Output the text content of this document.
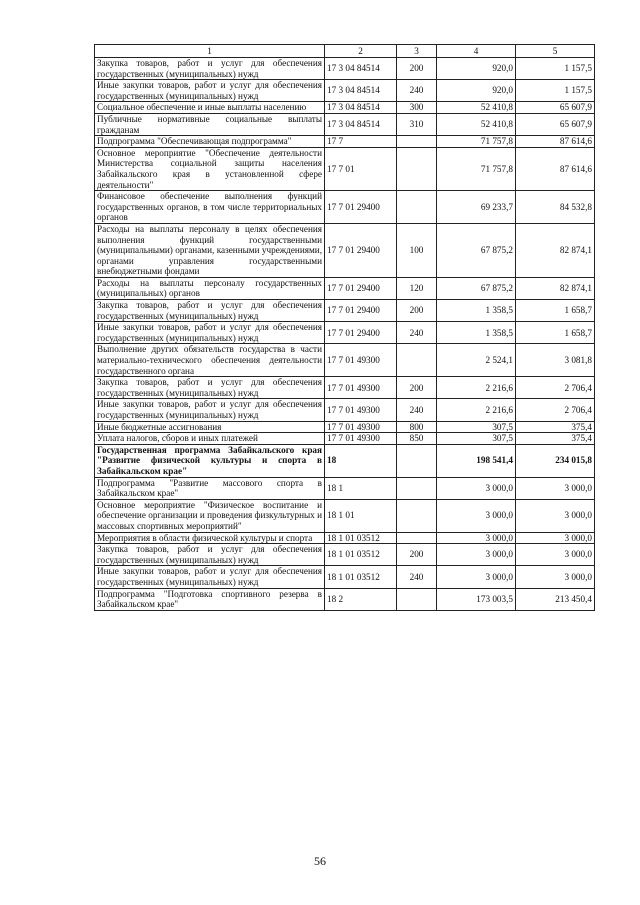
1	2	3	4	5
Закупка товаров, работ и услуг для обеспечения государственных (муниципальных) нужд	17 3 04 84514	200	920,0	1 157,5
Иные закупки товаров, работ и услуг для обеспечения государственных (муниципальных) нужд	17 3 04 84514	240	920,0	1 157,5
Социальное обеспечение и иные выплаты населению	17 3 04 84514	300	52 410,8	65 607,9
Публичные нормативные социальные выплаты гражданам	17 3 04 84514	310	52 410,8	65 607,9
Подпрограмма "Обеспечивающая подпрограмма"	17 7		71 757,8	87 614,6
Основное мероприятие "Обеспечение деятельности Министерства социальной защиты населения Забайкальского края в установленной сфере деятельности"	17 7 01		71 757,8	87 614,6
Финансовое обеспечение выполнения функций государственных органов, в том числе территориальных органов	17 7 01 29400		69 233,7	84 532,8
Расходы на выплаты персоналу в целях обеспечения выполнения функций государственными (муниципальными) органами, казенными учреждениями, органами управления государственными внебюджетными фондами	17 7 01 29400	100	67 875,2	82 874,1
Расходы на выплаты персоналу государственных (муниципальных) органов	17 7 01 29400	120	67 875,2	82 874,1
Закупка товаров, работ и услуг для обеспечения государственных (муниципальных) нужд	17 7 01 29400	200	1 358,5	1 658,7
Иные закупки товаров, работ и услуг для обеспечения государственных (муниципальных) нужд	17 7 01 29400	240	1 358,5	1 658,7
Выполнение других обязательств государства в части материально-технического обеспечения деятельности государственного органа	17 7 01 49300		2 524,1	3 081,8
Закупка товаров, работ и услуг для обеспечения государственных (муниципальных) нужд	17 7 01 49300	200	2 216,6	2 706,4
Иные закупки товаров, работ и услуг для обеспечения государственных (муниципальных) нужд	17 7 01 49300	240	2 216,6	2 706,4
Иные бюджетные ассигнования	17 7 01 49300	800	307,5	375,4
Уплата налогов, сборов и иных платежей	17 7 01 49300	850	307,5	375,4
Государственная программа Забайкальского края "Развитие физической культуры и спорта в Забайкальском крае"	18		198 541,4	234 015,8
Подпрограмма "Развитие массового спорта в Забайкальском крае"	18 1		3 000,0	3 000,0
Основное мероприятие "Физическое воспитание и обеспечение организации и проведения физкультурных и массовых спортивных мероприятий"	18 1 01		3 000,0	3 000,0
Мероприятия в области физической культуры и спорта	18 1 01 03512		3 000,0	3 000,0
Закупка товаров, работ и услуг для обеспечения государственных (муниципальных) нужд	18 1 01 03512	200	3 000,0	3 000,0
Иные закупки товаров, работ и услуг для обеспечения государственных (муниципальных) нужд	18 1 01 03512	240	3 000,0	3 000,0
Подпрограмма "Подготовка спортивного резерва в Забайкальском крае"	18 2		173 003,5	213 450,4
56
